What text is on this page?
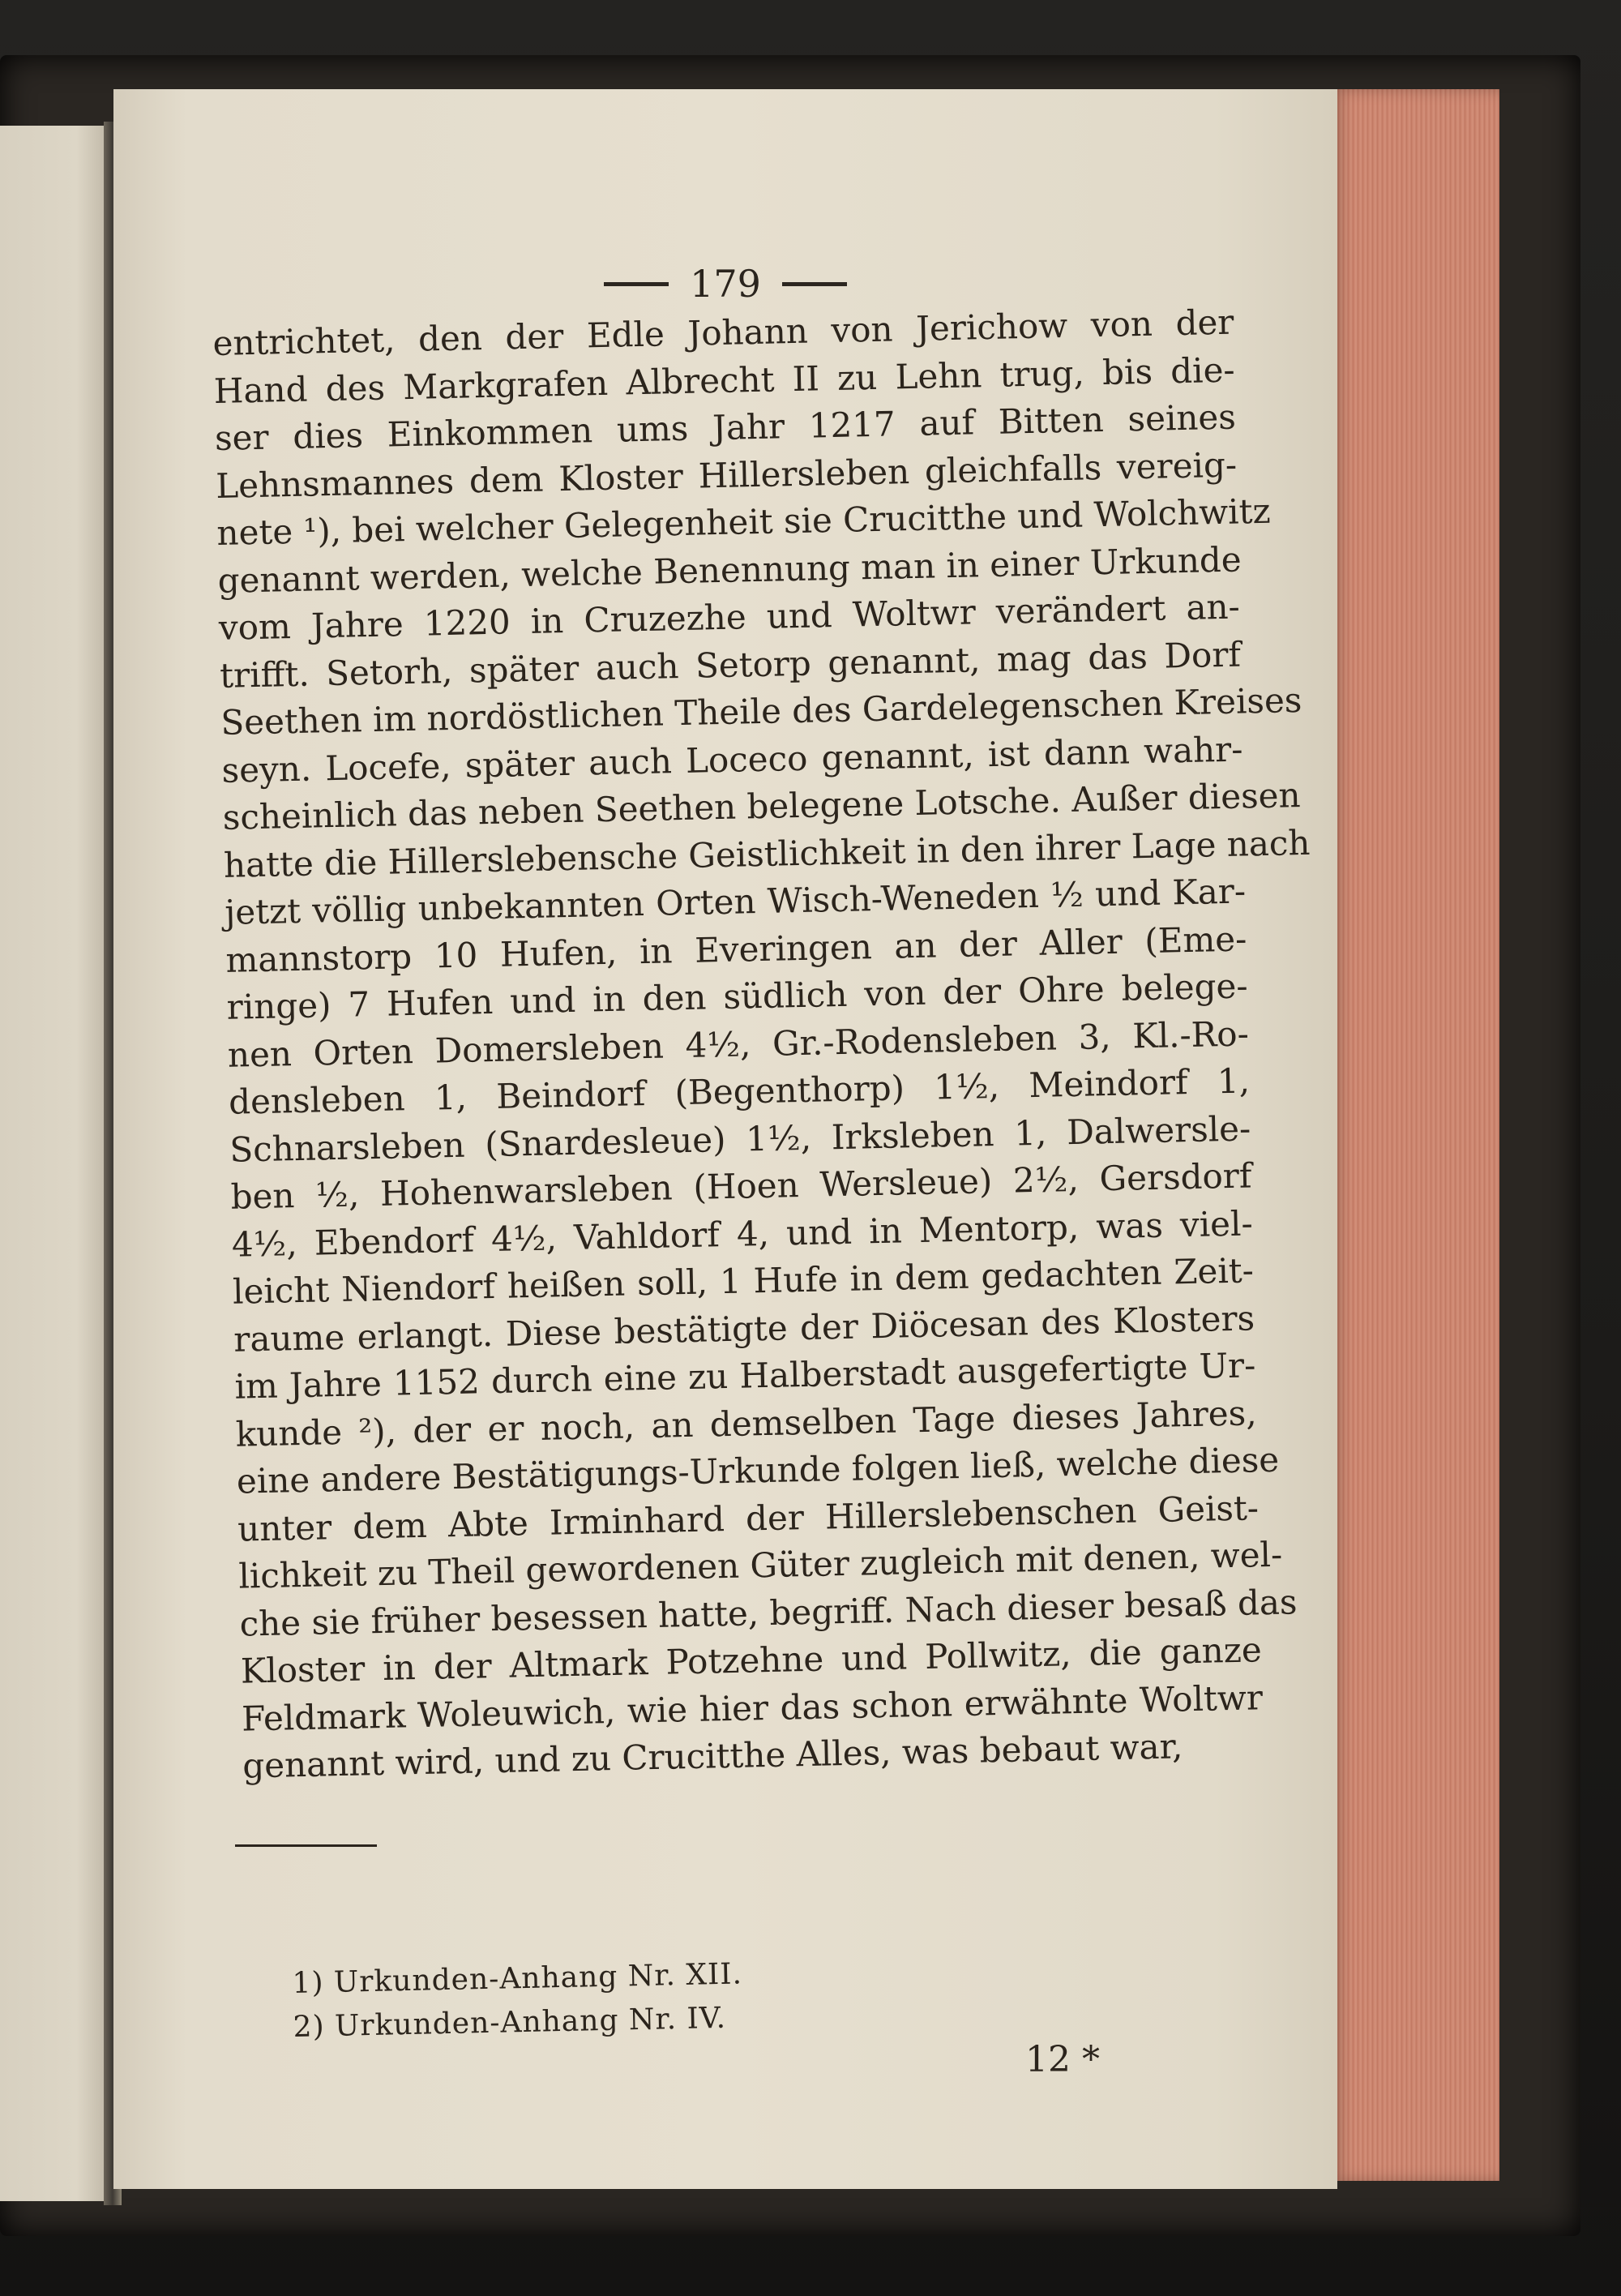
179
entrichtet, den der Edle Johann von Jerichow von der
Hand des Markgrafen Albrecht II zu Lehn trug, bis die-
ser dies Einkommen ums Jahr 1217 auf Bitten seines
Lehnsmannes dem Kloster Hillersleben gleichfalls vereig-
nete ¹), bei welcher Gelegenheit sie Crucitthe und Wolchwitz
genannt werden, welche Benennung man in einer Urkunde
vom Jahre 1220 in Cruzezhe und Woltwr verändert an-
trifft. Setorh, später auch Setorp genannt, mag das Dorf
Seethen im nordöstlichen Theile des Gardelegenschen Kreises
seyn. Locefe, später auch Loceco genannt, ist dann wahr-
scheinlich das neben Seethen belegene Lotsche. Außer diesen
hatte die Hillerslebensche Geistlichkeit in den ihrer Lage nach
jetzt völlig unbekannten Orten Wisch-Weneden ½ und Kar-
mannstorp 10 Hufen, in Everingen an der Aller (Eme-
ringe) 7 Hufen und in den südlich von der Ohre belege-
nen Orten Domersleben 4½, Gr.-Rodensleben 3, Kl.-Ro-
densleben 1, Beindorf (Begenthorp) 1½, Meindorf 1,
Schnarsleben (Snardesleue) 1½, Irksleben 1, Dalwersle-
ben ½, Hohenwarsleben (Hoen Wersleue) 2½, Gersdorf
4½, Ebendorf 4½, Vahldorf 4, und in Mentorp, was viel-
leicht Niendorf heißen soll, 1 Hufe in dem gedachten Zeit-
raume erlangt. Diese bestätigte der Diöcesan des Klosters
im Jahre 1152 durch eine zu Halberstadt ausgefertigte Ur-
kunde ²), der er noch, an demselben Tage dieses Jahres,
eine andere Bestätigungs-Urkunde folgen ließ, welche diese
unter dem Abte Irminhard der Hillerslebenschen Geist-
lichkeit zu Theil gewordenen Güter zugleich mit denen, wel-
che sie früher besessen hatte, begriff. Nach dieser besaß das
Kloster in der Altmark Potzehne und Pollwitz, die ganze
Feldmark Woleuwich, wie hier das schon erwähnte Woltwr
genannt wird, und zu Crucitthe Alles, was bebaut war,
1) Urkunden-Anhang Nr. XII.
2) Urkunden-Anhang Nr. IV.
12 *
